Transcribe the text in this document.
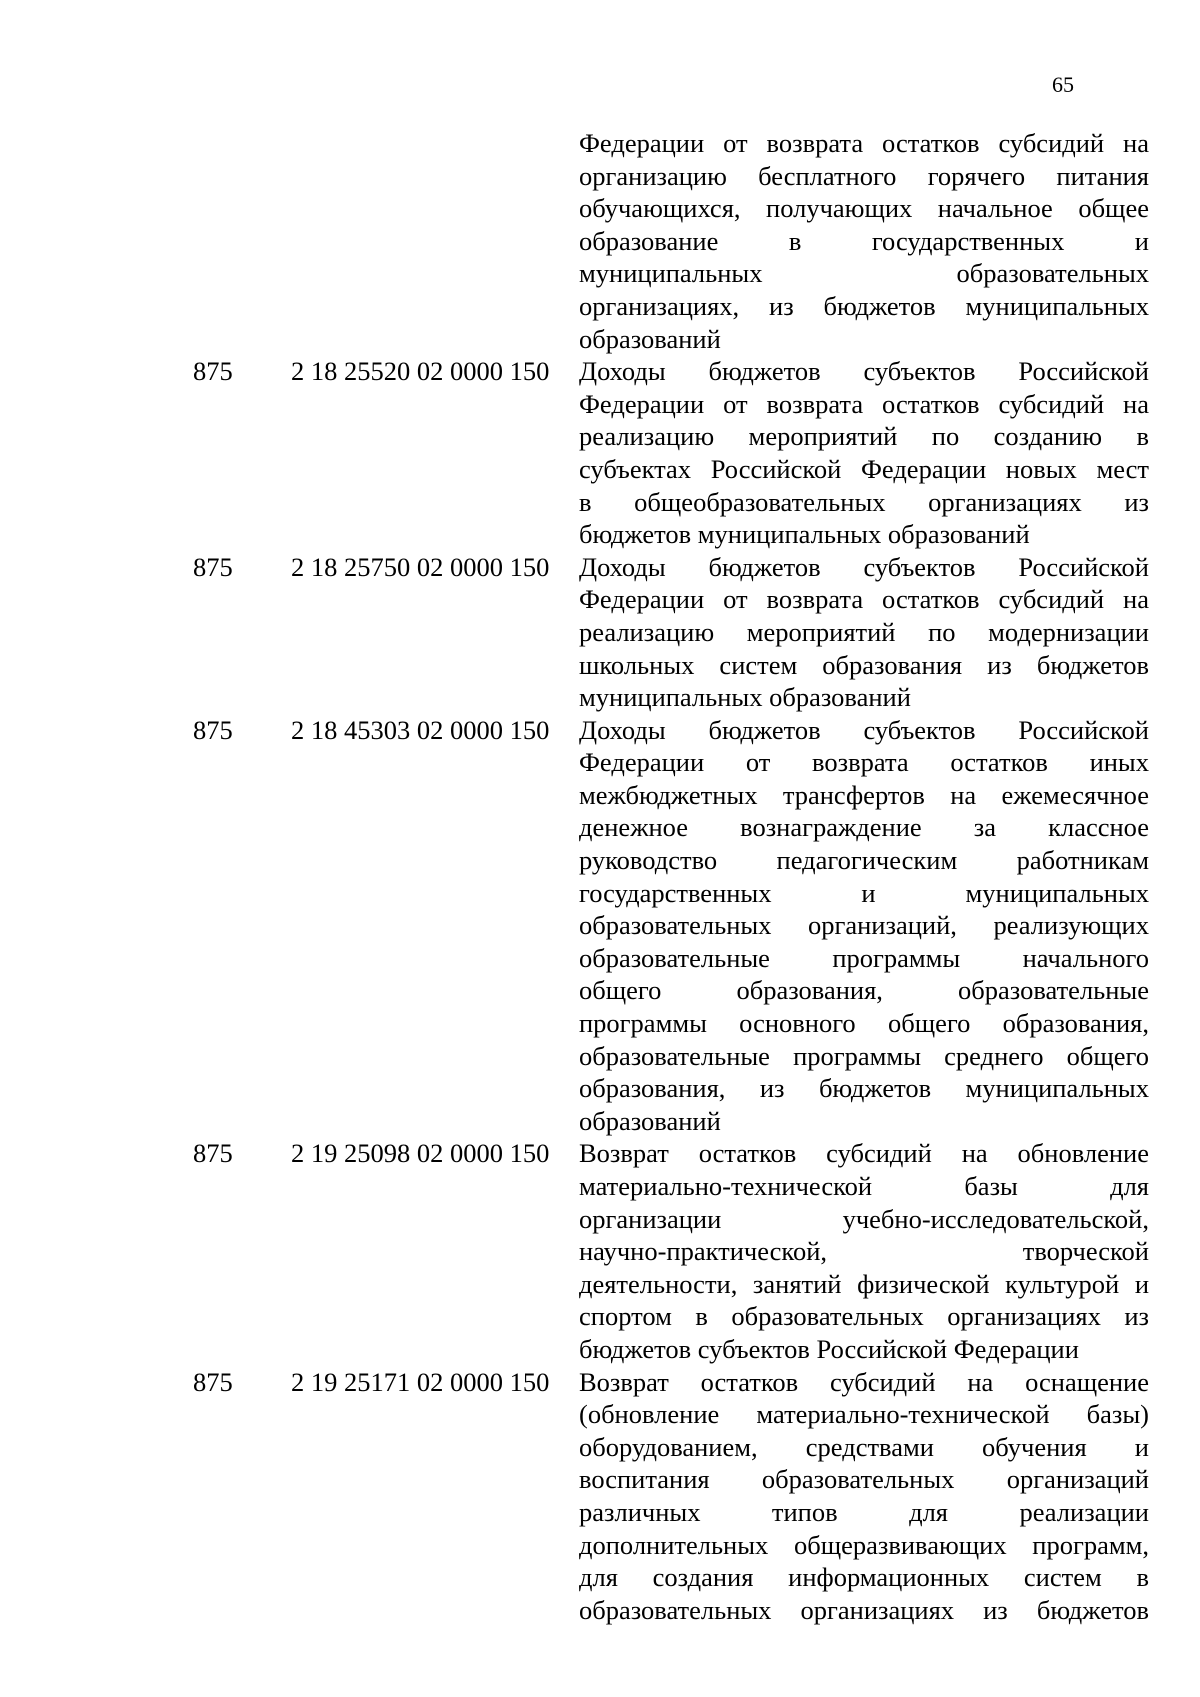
65
Федерации от возврата остатков субсидий на
организацию бесплатного горячего питания
обучающихся, получающих начальное общее
образование в государственных и
муниципальных образовательных
организациях, из бюджетов муниципальных
образований
875 2 18 25520 02 0000 150 Доходы бюджетов субъектов Российской
Федерации от возврата остатков субсидий на
реализацию мероприятий по созданию в
субъектах Российской Федерации новых мест
в общеобразовательных организациях из
бюджетов муниципальных образований
875 2 18 25750 02 0000 150 Доходы бюджетов субъектов Российской
Федерации от возврата остатков субсидий на
реализацию мероприятий по модернизации
школьных систем образования из бюджетов
муниципальных образований
875 2 18 45303 02 0000 150 Доходы бюджетов субъектов Российской
Федерации от возврата остатков иных
межбюджетных трансфертов на ежемесячное
денежное вознаграждение за классное
руководство педагогическим работникам
государственных и муниципальных
образовательных организаций, реализующих
образовательные программы начального
общего образования, образовательные
программы основного общего образования,
образовательные программы среднего общего
образования, из бюджетов муниципальных
образований
875 2 19 25098 02 0000 150 Возврат остатков субсидий на обновление
материально-технической базы для
организации учебно-исследовательской,
научно-практической, творческой
деятельности, занятий физической культурой и
спортом в образовательных организациях из
бюджетов субъектов Российской Федерации
875 2 19 25171 02 0000 150 Возврат остатков субсидий на оснащение
(обновление материально-технической базы)
оборудованием, средствами обучения и
воспитания образовательных организаций
различных типов для реализации
дополнительных общеразвивающих программ,
для создания информационных систем в
образовательных организациях из бюджетов
